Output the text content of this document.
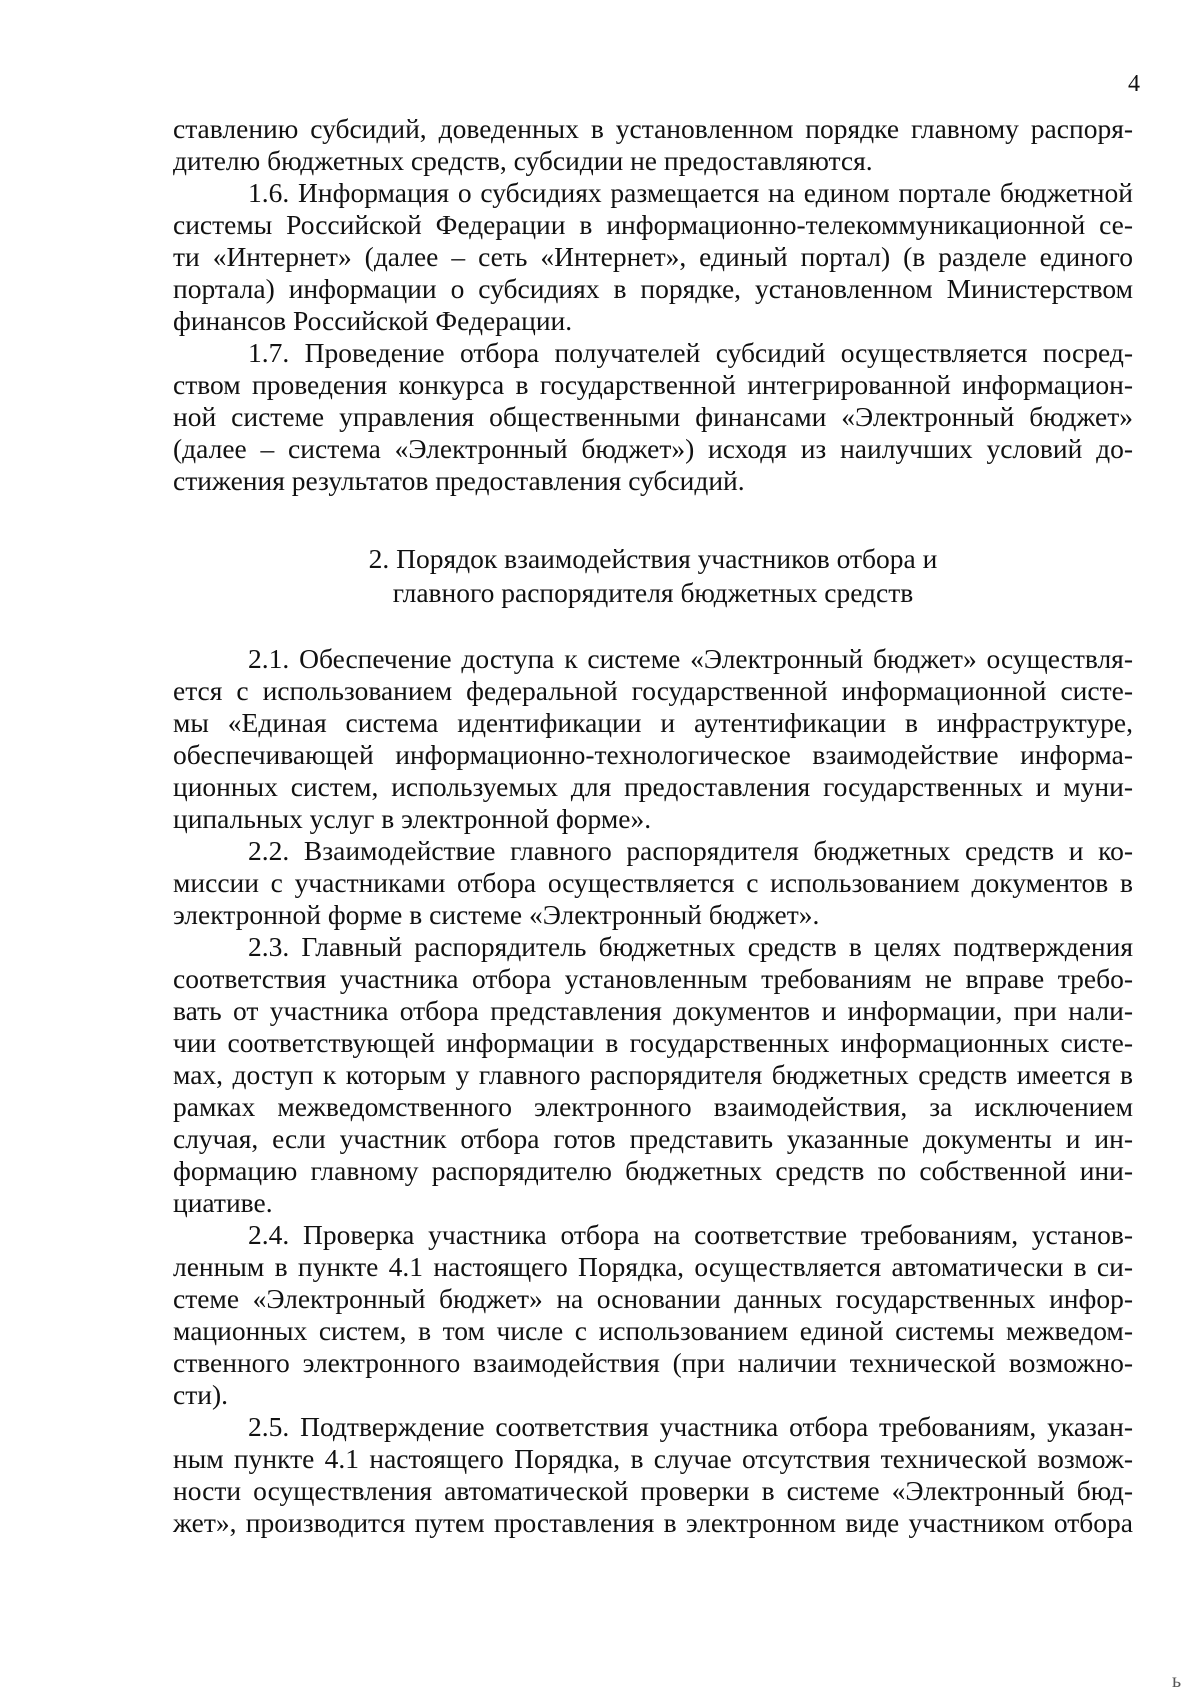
4
ставлению субсидий, доведенных в установленном порядке главному распоря-
дителю бюджетных средств, субсидии не предоставляются.
1.6. Информация о субсидиях размещается на едином портале бюджетной
системы Российской Федерации в информационно-телекоммуникационной се-
ти «Интернет» (далее – сеть «Интернет», единый портал) (в разделе единого
портала) информации о субсидиях в порядке, установленном Министерством
финансов Российской Федерации.
1.7. Проведение отбора получателей субсидий осуществляется посред-
ством проведения конкурса в государственной интегрированной информацион-
ной системе управления общественными финансами «Электронный бюджет»
(далее – система «Электронный бюджет») исходя из наилучших условий до-
стижения результатов предоставления субсидий.
2. Порядок взаимодействия участников отбора и
главного распорядителя бюджетных средств
2.1. Обеспечение доступа к системе «Электронный бюджет» осуществля-
ется с использованием федеральной государственной информационной систе-
мы «Единая система идентификации и аутентификации в инфраструктуре,
обеспечивающей информационно-технологическое взаимодействие информа-
ционных систем, используемых для предоставления государственных и муни-
ципальных услуг в электронной форме».
2.2. Взаимодействие главного распорядителя бюджетных средств и ко-
миссии с участниками отбора осуществляется с использованием документов в
электронной форме в системе «Электронный бюджет».
2.3. Главный распорядитель бюджетных средств в целях подтверждения
соответствия участника отбора установленным требованиям не вправе требо-
вать от участника отбора представления документов и информации, при нали-
чии соответствующей информации в государственных информационных систе-
мах, доступ к которым у главного распорядителя бюджетных средств имеется в
рамках межведомственного электронного взаимодействия, за исключением
случая, если участник отбора готов представить указанные документы и ин-
формацию главному распорядителю бюджетных средств по собственной ини-
циативе.
2.4. Проверка участника отбора на соответствие требованиям, установ-
ленным в пункте 4.1 настоящего Порядка, осуществляется автоматически в си-
стеме «Электронный бюджет» на основании данных государственных инфор-
мационных систем, в том числе с использованием единой системы межведом-
ственного электронного взаимодействия (при наличии технической возможно-
сти).
2.5. Подтверждение соответствия участника отбора требованиям, указан-
ным пункте 4.1 настоящего Порядка, в случае отсутствия технической возмож-
ности осуществления автоматической проверки в системе «Электронный бюд-
жет», производится путем проставления в электронном виде участником отбора
ь
